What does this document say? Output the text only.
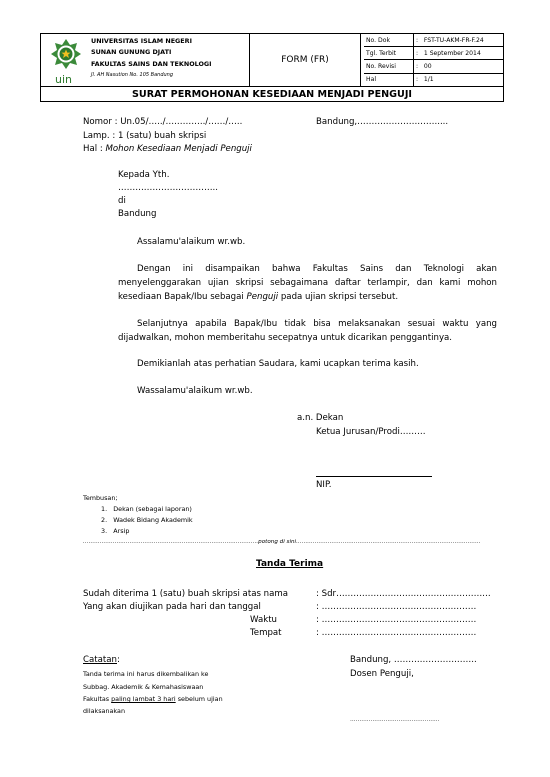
uin
UNIVERSITAS ISLAM NEGERI
SUNAN GUNUNG DJATI
FAKULTAS SAINS DAN TEKNOLOGI
Jl. AH Nasution No. 105 Bandung
FORM (FR)
No. Dok	: FST-TU-AKM-FR-F.24
Tgl. Terbit	: 1 September 2014
No. Revisi	: 00
Hal	: 1/1
SURAT PERMOHONAN KESEDIAAN MENJADI PENGUJI
Nomor : Un.05/…../…………../……/…..	Bandung,……………………….....
Lamp. : 1 (satu) buah skripsi
Hal : Mohon Kesediaan Menjadi Penguji
Kepada Yth.
……………………………..
di
Bandung
Assalamu'alaikum wr.wb.
Dengan ini disampaikan bahwa Fakultas Sains dan Teknologi akan menyelenggarakan ujian skripsi sebagaimana daftar terlampir, dan kami mohon kesediaan Bapak/Ibu sebagai Penguji pada ujian skripsi tersebut.
Selanjutnya apabila Bapak/Ibu tidak bisa melaksanakan sesuai waktu yang dijadwalkan, mohon memberitahu secepatnya untuk dicarikan penggantinya.
Demikianlah atas perhatian Saudara, kami ucapkan terima kasih.
Wassalamu'alaikum wr.wb.
a.n. Dekan
Ketua Jurusan/Prodi………
NIP.
Tembusan;
1. Dekan (sebagai laporan)
2. Wadek Bidang Akademik
3. Arsip
………………………………………………………………………………….potong di sini………………………………………………………………………………………
Tanda Terima
Sudah diterima 1 (satu) buah skripsi atas nama	: Sdr………………………………………………
Yang akan diujikan pada hari dan tanggal	: ………………………………………………
Waktu	: ………………………………………………
Tempat	: ………………………………………………
Catatan:	Bandung, ………………………..
Dosen Penguji,
Tanda terima ini harus dikembalikan ke
Subbag. Akademik & Kemahasiswaan
Fakultas paling lambat 3 hari sebelum ujian
dilaksanakan
…………………………………………
